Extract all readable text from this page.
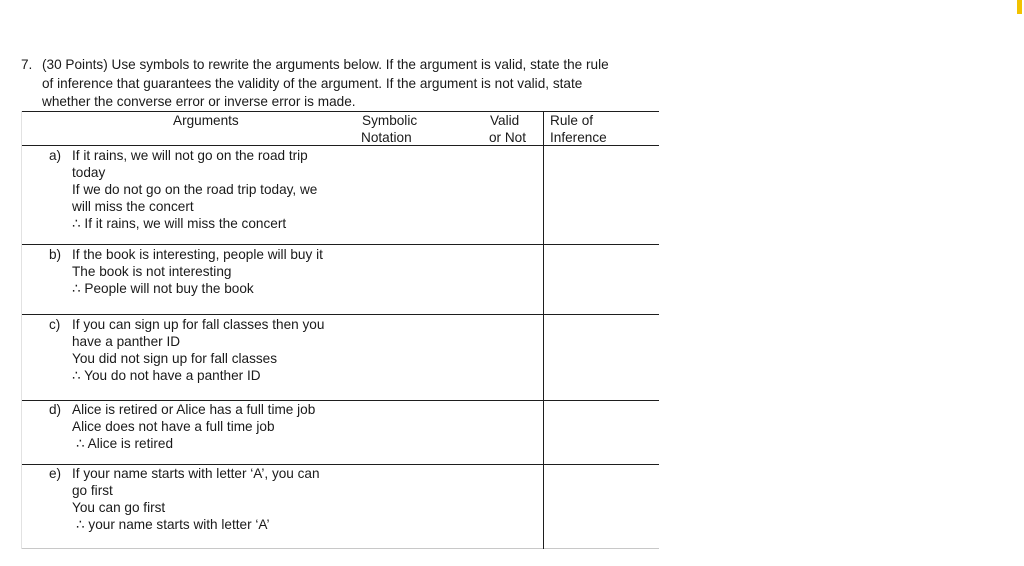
7. (30 Points) Use symbols to rewrite the arguments below. If the argument is valid, state the rule
of inference that guarantees the validity of the argument. If the argument is not valid, state
whether the converse error or inverse error is made.
Arguments	Symbolic
Notation
Valid
or Not
Rule of
Inference
a) If it rains, we will not go on the road trip
today
If we do not go on the road trip today, we
will miss the concert
∴ If it rains, we will miss the concert
b) If the book is interesting, people will buy it
The book is not interesting
∴ People will not buy the book
c) If you can sign up for fall classes then you
have a panther ID
You did not sign up for fall classes
∴ You do not have a panther ID
d) Alice is retired or Alice has a full time job
Alice does not have a full time job
∴ Alice is retired
e) If your name starts with letter ‘A’, you can
go first
You can go first
∴ your name starts with letter ‘A’
